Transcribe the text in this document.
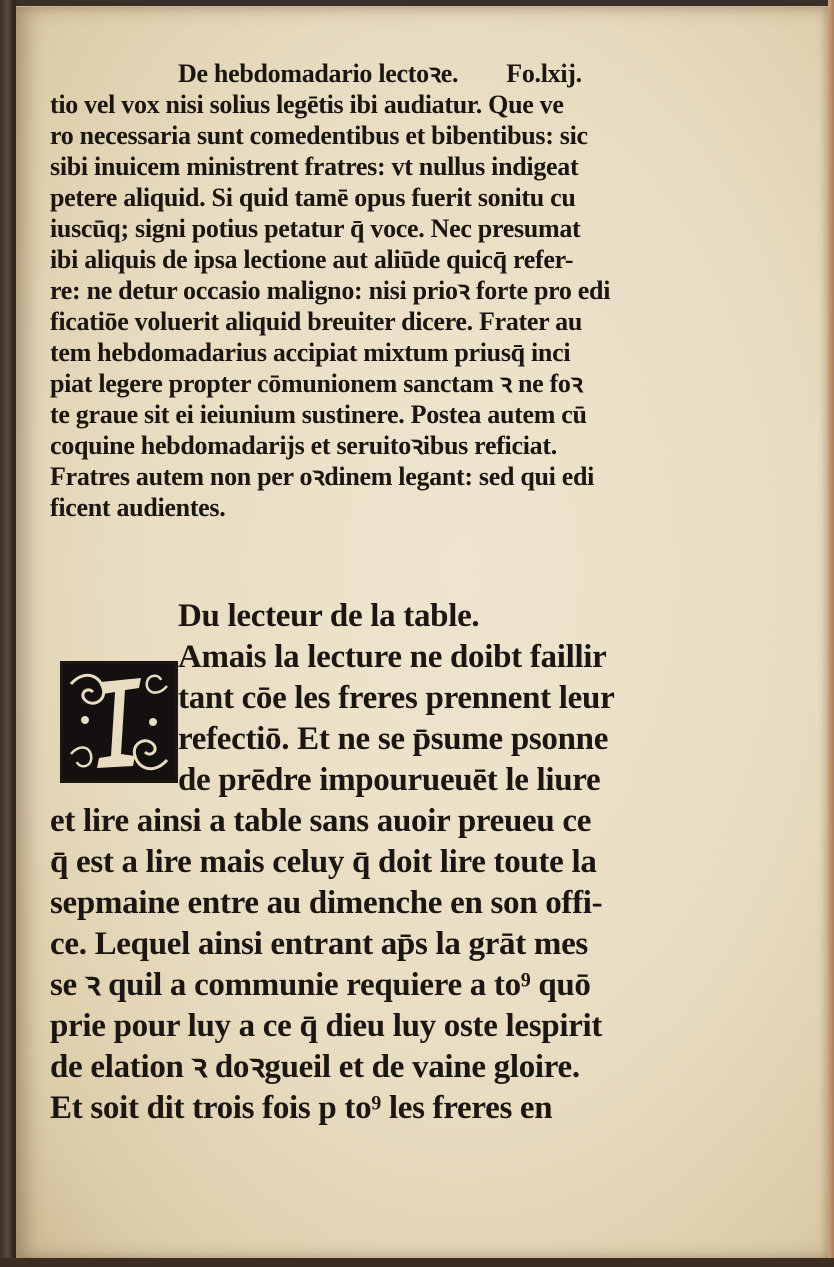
De hebdomadario lectoꝛe. Fo.lxij.
tio vel vox nisi solius legētis ibi audiatur. Que ve
ro necessaria sunt comedentibus et bibentibus: sic
sibi inuicem ministrent fratres: vt nullus indigeat
petere aliquid. Si quid tamē opus fuerit sonitu cu
iuscūq; signi potius petatur q̄ voce. Nec presumat
ibi aliquis de ipsa lectione aut aliūde quicq̄ refer-
re: ne detur occasio maligno: nisi prioꝛ forte pro edi
ficatiōe voluerit aliquid breuiter dicere. Frater au
tem hebdomadarius accipiat mixtum priusq̄ inci
piat legere propter cōmunionem sanctam ꝛ ne foꝛ
te graue sit ei ieiunium sustinere. Postea autem cū
coquine hebdomadarijs et seruitoꝛibus reficiat.
Fratres autem non per oꝛdinem legant: sed qui edi
ficent audientes.
Du lecteur de la table.
Amais la lecture ne doibt faillir
tant cōe les freres prennent leur
refectiō. Et ne se p̄sume psonne
de prēdre impourueuēt le liure
et lire ainsi a table sans auoir preueu ce
q̄ est a lire mais celuy q̄ doit lire toute la
sepmaine entre au dimenche en son offi-
ce. Lequel ainsi entrant ap̄s la grāt mes
se ꝛ quil a communie requiere a to⁹ quō
prie pour luy a ce q̄ dieu luy oste lespirit
de elation ꝛ doꝛgueil et de vaine gloire.
Et soit dit trois fois p to⁹ les freres en
